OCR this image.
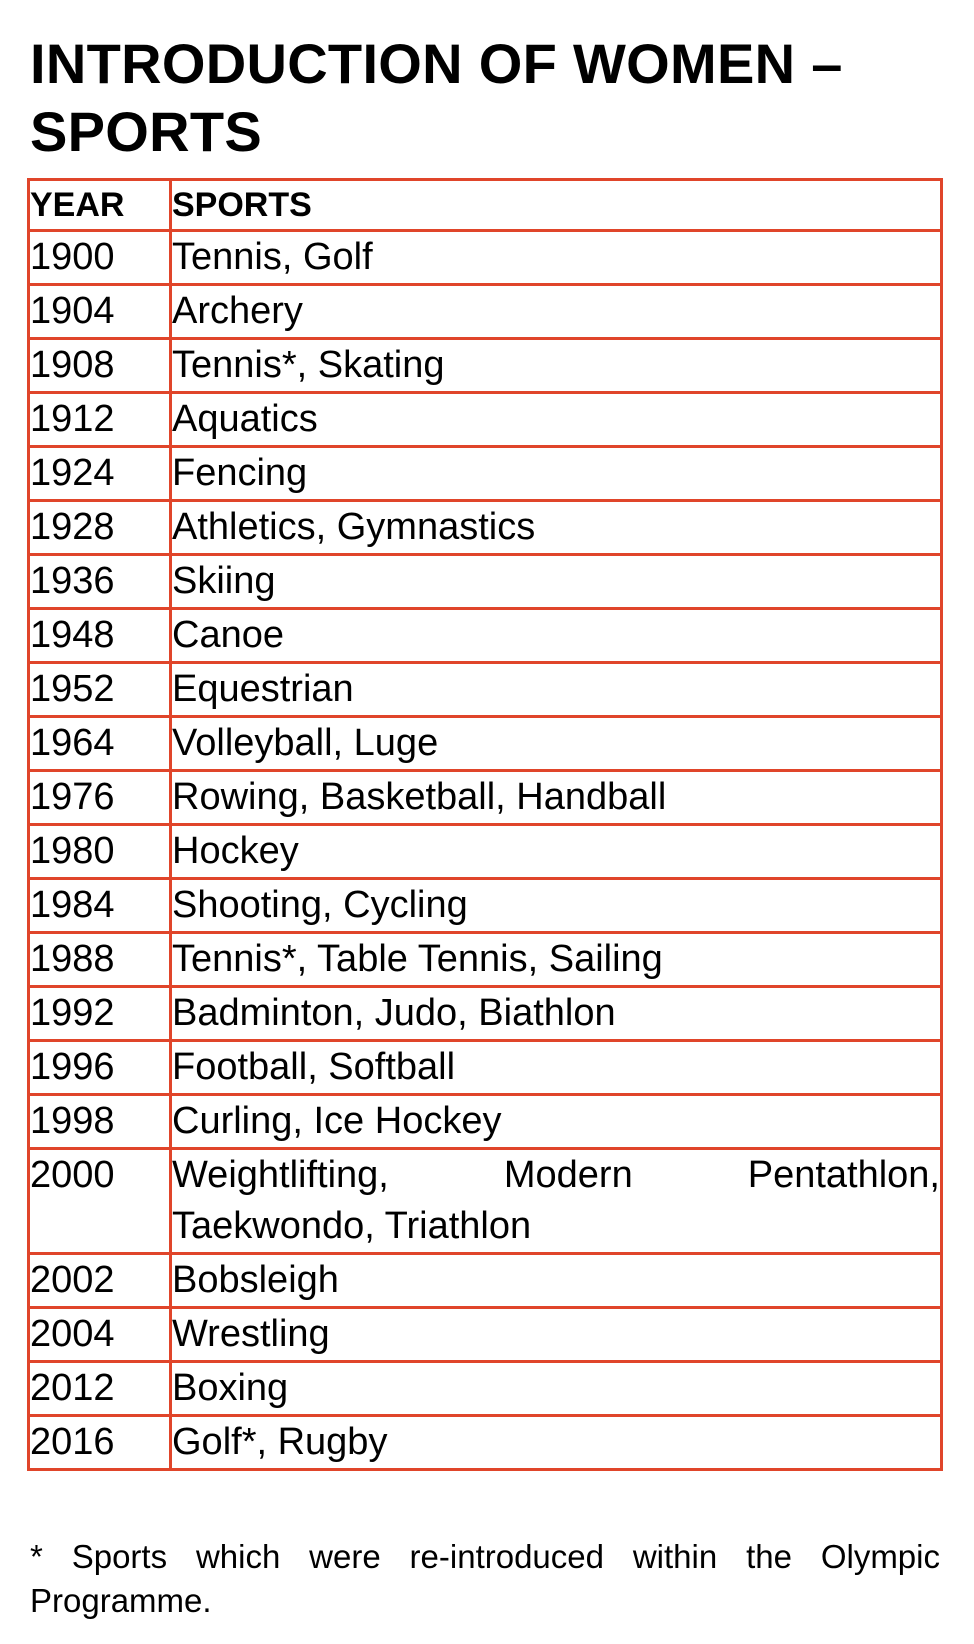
INTRODUCTION OF WOMEN – SPORTS
YEAR	SPORTS
1900	Tennis, Golf
1904	Archery
1908	Tennis*, Skating
1912	Aquatics
1924	Fencing
1928	Athletics, Gymnastics
1936	Skiing
1948	Canoe
1952	Equestrian
1964	Volleyball, Luge
1976	Rowing, Basketball, Handball
1980	Hockey
1984	Shooting, Cycling
1988	Tennis*, Table Tennis, Sailing
1992	Badminton, Judo, Biathlon
1996	Football, Softball
1998	Curling, Ice Hockey
2000	Weightlifting, Modern Pentathlon, Taekwondo, Triathlon
2002	Bobsleigh
2004	Wrestling
2012	Boxing
2016	Golf*, Rugby

* Sports which were re-introduced within the Olympic Programme.
